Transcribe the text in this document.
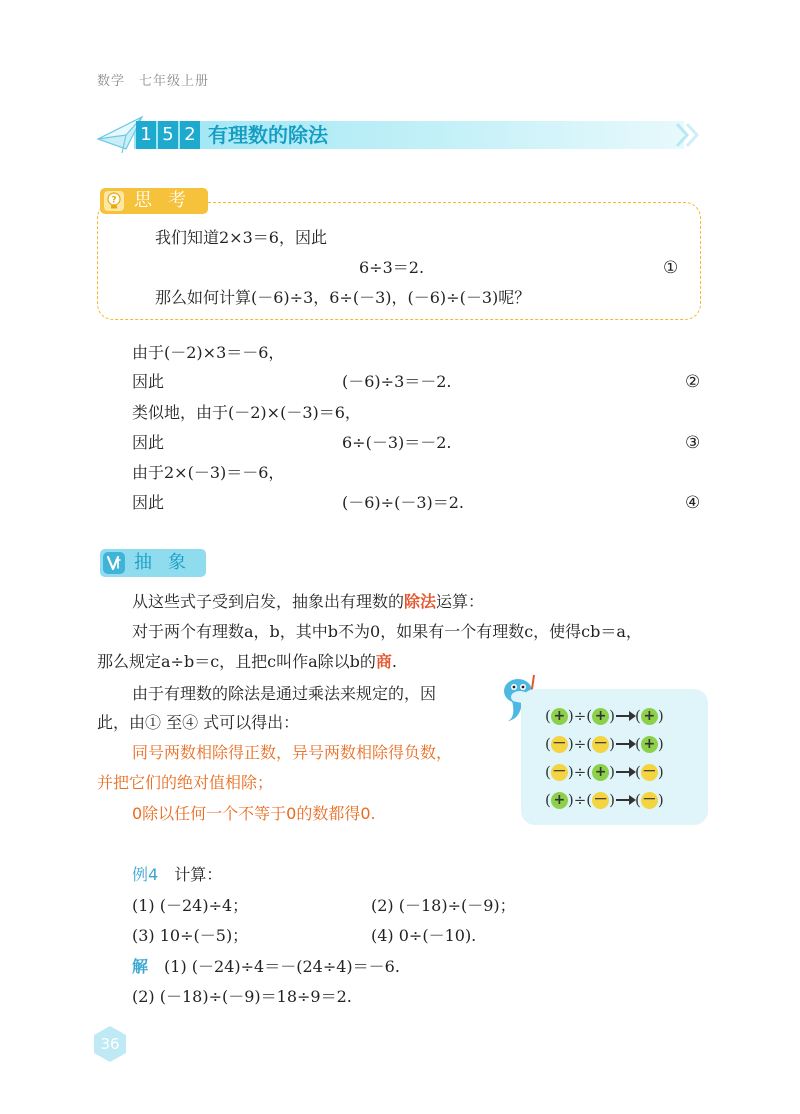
数学　七年级上册
1 5 2 有理数的除法
? 思考
我们知道2×3＝6，因此
6÷3＝2.	①
那么如何计算(－6)÷3，6÷(－3)，(－6)÷(－3)呢？
由于(－2)×3＝－6，
因此	(－6)÷3＝－2.	②
类似地，由于(－2)×(－3)＝6，
因此	6÷(－3)＝－2.	③
由于2×(－3)＝－6，
因此	(－6)÷(－3)＝2.	④
抽象
从这些式子受到启发，抽象出有理数的除法运算：
对于两个有理数a，b，其中b不为0，如果有一个有理数c，使得cb＝a，
那么规定a÷b＝c，且把c叫作a除以b的商.
由于有理数的除法是通过乘法来规定的，因
此，由① 至④ 式可以得出：
同号两数相除得正数，异号两数相除得负数，
并把它们的绝对值相除；
0除以任何一个不等于0的数都得0.
( + )÷( + ) ( + )
( － )÷( － ) ( + )
( － )÷( + ) ( － )
( + )÷( － ) ( － )
例4　 计算：
(1) (－24)÷4；	(2) (－18)÷(－9)；
(3) 10÷(－5)；	(4) 0÷(－10).
解　 (1) (－24)÷4＝－(24÷4)＝－6.
(2) (－18)÷(－9)＝18÷9＝2.
36
